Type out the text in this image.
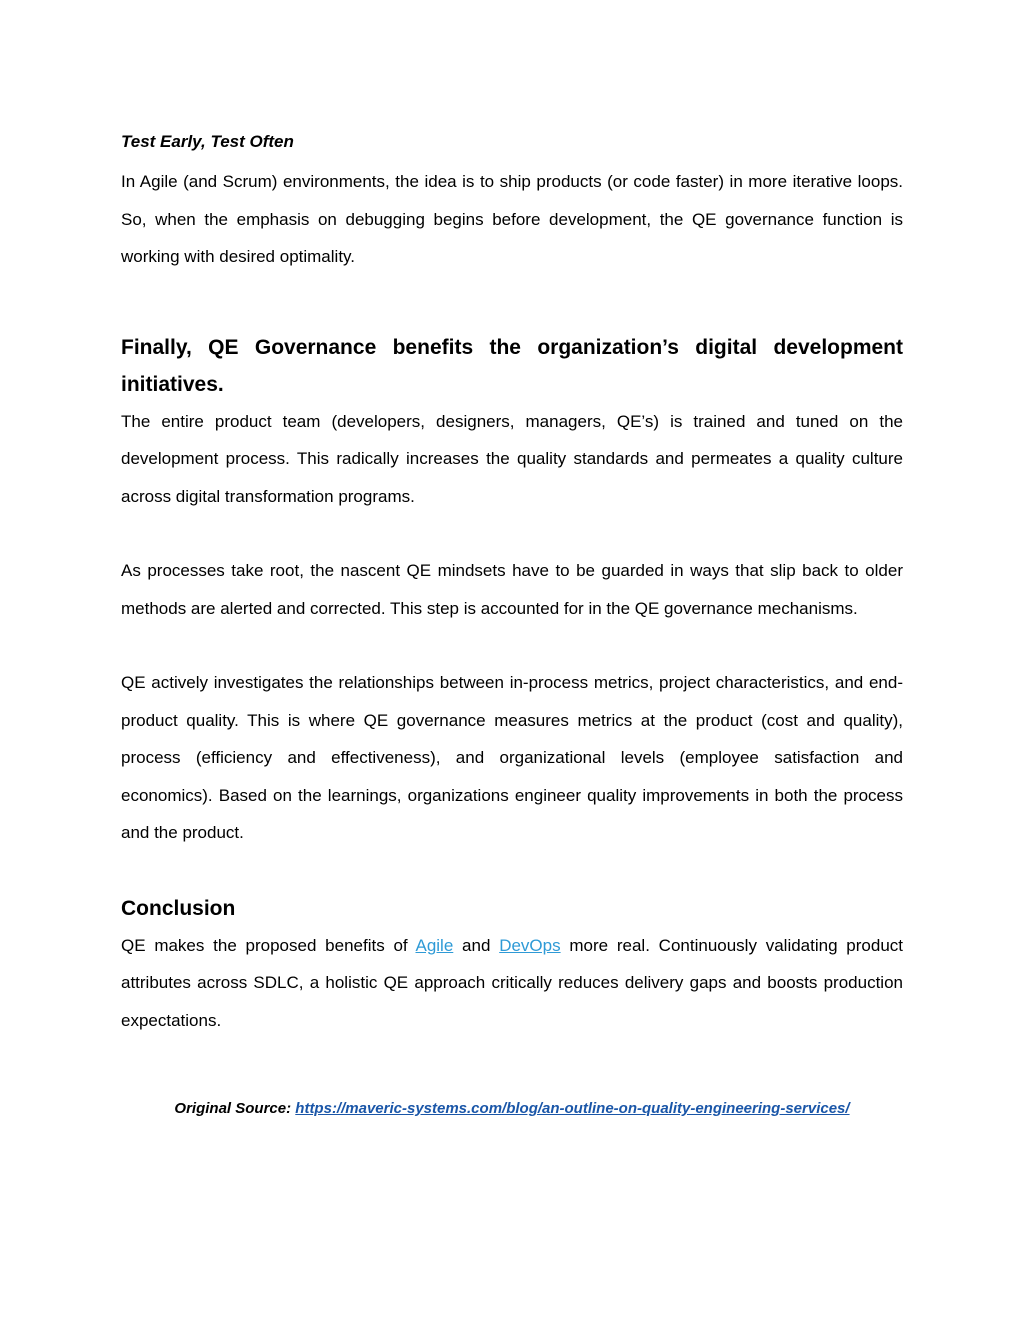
Test Early, Test Often

In Agile (and Scrum) environments, the idea is to ship products (or code faster) in more iterative loops. So, when the emphasis on debugging begins before development, the QE governance function is working with desired optimality.

Finally, QE Governance benefits the organization’s digital development initiatives.

The entire product team (developers, designers, managers, QE’s) is trained and tuned on the development process. This radically increases the quality standards and permeates a quality culture across digital transformation programs.

As processes take root, the nascent QE mindsets have to be guarded in ways that slip back to older methods are alerted and corrected. This step is accounted for in the QE governance mechanisms.

QE actively investigates the relationships between in-process metrics, project characteristics, and end-product quality. This is where QE governance measures metrics at the product (cost and quality), process (efficiency and effectiveness), and organizational levels (employee satisfaction and economics). Based on the learnings, organizations engineer quality improvements in both the process and the product.

Conclusion

QE makes the proposed benefits of Agile and DevOps more real. Continuously validating product attributes across SDLC, a holistic QE approach critically reduces delivery gaps and boosts production expectations.

Original Source: https://maveric-systems.com/blog/an-outline-on-quality-engineering-services/
